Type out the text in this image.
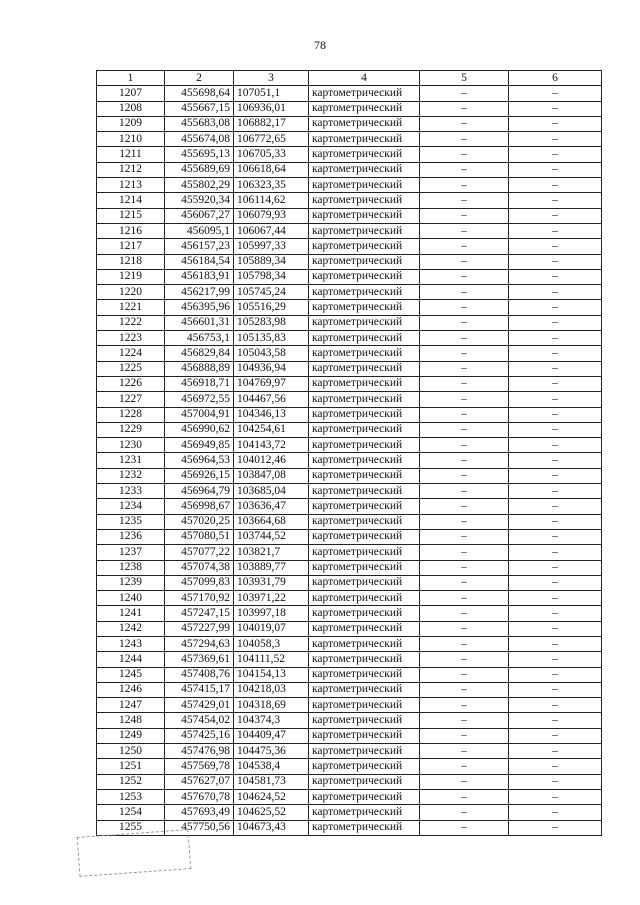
78
1	2	3	4	5	6
1207	455698,64	107051,1	картометрический	–	–
1208	455667,15	106936,01	картометрический	–	–
1209	455683,08	106882,17	картометрический	–	–
1210	455674,08	106772,65	картометрический	–	–
1211	455695,13	106705,33	картометрический	–	–
1212	455689,69	106618,64	картометрический	–	–
1213	455802,29	106323,35	картометрический	–	–
1214	455920,34	106114,62	картометрический	–	–
1215	456067,27	106079,93	картометрический	–	–
1216	456095,1	106067,44	картометрический	–	–
1217	456157,23	105997,33	картометрический	–	–
1218	456184,54	105889,34	картометрический	–	–
1219	456183,91	105798,34	картометрический	–	–
1220	456217,99	105745,24	картометрический	–	–
1221	456395,96	105516,29	картометрический	–	–
1222	456601,31	105283,98	картометрический	–	–
1223	456753,1	105135,83	картометрический	–	–
1224	456829,84	105043,58	картометрический	–	–
1225	456888,89	104936,94	картометрический	–	–
1226	456918,71	104769,97	картометрический	–	–
1227	456972,55	104467,56	картометрический	–	–
1228	457004,91	104346,13	картометрический	–	–
1229	456990,62	104254,61	картометрический	–	–
1230	456949,85	104143,72	картометрический	–	–
1231	456964,53	104012,46	картометрический	–	–
1232	456926,15	103847,08	картометрический	–	–
1233	456964,79	103685,04	картометрический	–	–
1234	456998,67	103636,47	картометрический	–	–
1235	457020,25	103664,68	картометрический	–	–
1236	457080,51	103744,52	картометрический	–	–
1237	457077,22	103821,7	картометрический	–	–
1238	457074,38	103889,77	картометрический	–	–
1239	457099,83	103931,79	картометрический	–	–
1240	457170,92	103971,22	картометрический	–	–
1241	457247,15	103997,18	картометрический	–	–
1242	457227,99	104019,07	картометрический	–	–
1243	457294,63	104058,3	картометрический	–	–
1244	457369,61	104111,52	картометрический	–	–
1245	457408,76	104154,13	картометрический	–	–
1246	457415,17	104218,03	картометрический	–	–
1247	457429,01	104318,69	картометрический	–	–
1248	457454,02	104374,3	картометрический	–	–
1249	457425,16	104409,47	картометрический	–	–
1250	457476,98	104475,36	картометрический	–	–
1251	457569,78	104538,4	картометрический	–	–
1252	457627,07	104581,73	картометрический	–	–
1253	457670,78	104624,52	картометрический	–	–
1254	457693,49	104625,52	картометрический	–	–
1255	457750,56	104673,43	картометрический	–	–
